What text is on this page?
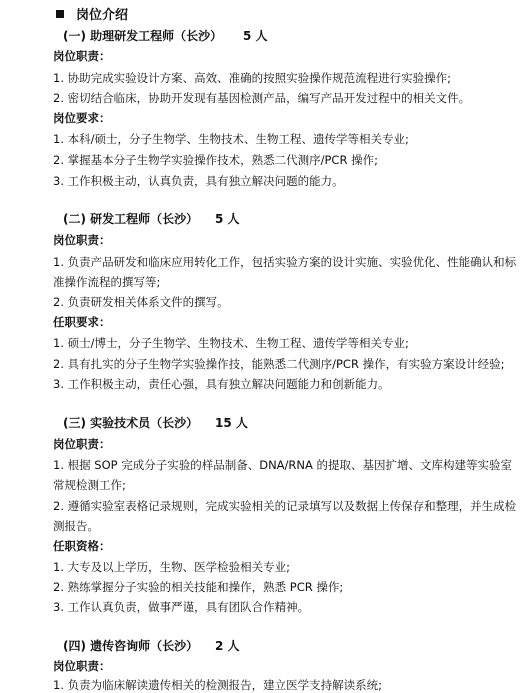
岗位介绍
(一) 助理研发工程师（长沙） 5 人
岗位职责：
1. 协助完成实验设计方案、高效、准确的按照实验操作规范流程进行实验操作;
2. 密切结合临床，协助开发现有基因检测产品，编写产品开发过程中的相关文件。
岗位要求：
1. 本科/硕士，分子生物学、生物技术、生物工程、遗传学等相关专业;
2. 掌握基本分子生物学实验操作技术，熟悉二代测序/PCR 操作;
3. 工作积极主动，认真负责，具有独立解决问题的能力。
(二) 研发工程师（长沙） 5 人
岗位职责：
1. 负责产品研发和临床应用转化工作，包括实验方案的设计实施、实验优化、性能确认和标
准操作流程的撰写等;
2. 负责研发相关体系文件的撰写。
任职要求：
1. 硕士/博士，分子生物学、生物技术、生物工程、遗传学等相关专业;
2. 具有扎实的分子生物学实验操作技，能熟悉二代测序/PCR 操作，有实验方案设计经验;
3. 工作积极主动，责任心强，具有独立解决问题能力和创新能力。
(三) 实验技术员（长沙） 15 人
岗位职责：
1. 根据 SOP 完成分子实验的样品制备、DNA/RNA 的提取、基因扩增、文库构建等实验室
常规检测工作;
2. 遵循实验室表格记录规则，完成实验相关的记录填写以及数据上传保存和整理，并生成检
测报告。
任职资格：
1. 大专及以上学历，生物、医学检验相关专业;
2. 熟练掌握分子实验的相关技能和操作，熟悉 PCR 操作;
3. 工作认真负责，做事严谨，具有团队合作精神。
(四) 遗传咨询师（长沙） 2 人
岗位职责：
1. 负责为临床解读遗传相关的检测报告，建立医学支持解读系统;
